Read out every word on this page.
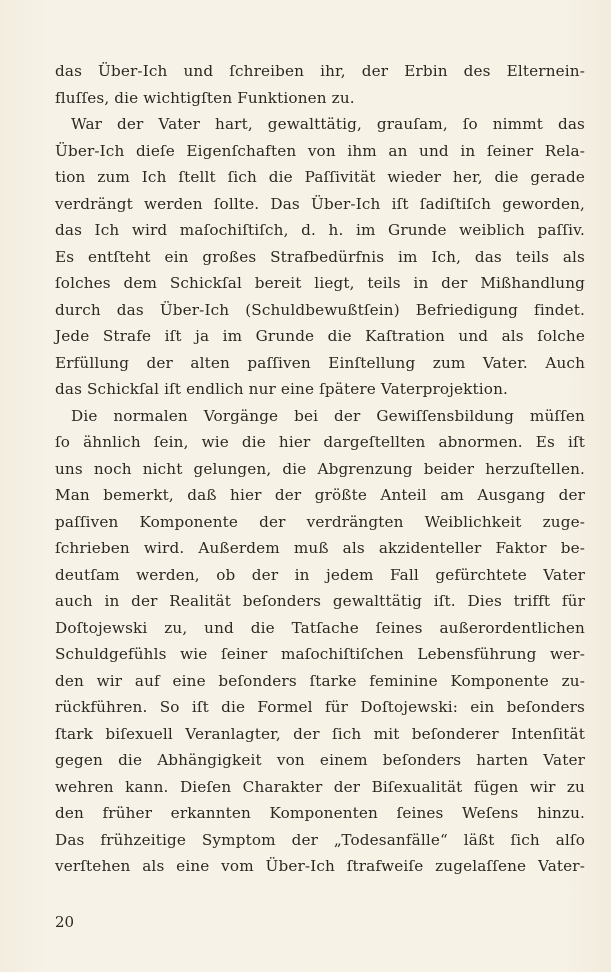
das Über-Ich und ſchreiben ihr, der Erbin des Elternein-
fluſſes, die wichtigſten Funktionen zu.
War der Vater hart, gewalttätig, grauſam, ſo nimmt das
Über-Ich dieſe Eigenſchaften von ihm an und in ſeiner Rela-
tion zum Ich ſtellt ſich die Paſſivität wieder her, die gerade
verdrängt werden ſollte. Das Über-Ich iſt ſadiſtiſch geworden,
das Ich wird maſochiſtiſch, d. h. im Grunde weiblich paſſiv.
Es entſteht ein großes Strafbedürfnis im Ich, das teils als
ſolches dem Schickſal bereit liegt, teils in der Mißhandlung
durch das Über-Ich (Schuldbewußtſein) Befriedigung findet.
Jede Strafe iſt ja im Grunde die Kaſtration und als ſolche
Erfüllung der alten paſſiven Einſtellung zum Vater. Auch
das Schickſal iſt endlich nur eine ſpätere Vaterprojektion.
Die normalen Vorgänge bei der Gewiſſensbildung müſſen
ſo ähnlich ſein, wie die hier dargeſtellten abnormen. Es iſt
uns noch nicht gelungen, die Abgrenzung beider herzuſtellen.
Man bemerkt, daß hier der größte Anteil am Ausgang der
paſſiven Komponente der verdrängten Weiblichkeit zuge-
ſchrieben wird. Außerdem muß als akzidenteller Faktor be-
deutſam werden, ob der in jedem Fall gefürchtete Vater
auch in der Realität beſonders gewalttätig iſt. Dies trifft für
Doſtojewski zu, und die Tatſache ſeines außerordentlichen
Schuldgefühls wie ſeiner maſochiſtiſchen Lebensführung wer-
den wir auf eine beſonders ſtarke feminine Komponente zu-
rückführen. So iſt die Formel für Doſtojewski: ein beſonders
ſtark biſexuell Veranlagter, der ſich mit beſonderer Intenſität
gegen die Abhängigkeit von einem beſonders harten Vater
wehren kann. Dieſen Charakter der Biſexualität fügen wir zu
den früher erkannten Komponenten ſeines Weſens hinzu.
Das frühzeitige Symptom der „Todesanfälle“ läßt ſich alſo
verſtehen als eine vom Über-Ich ſtrafweiſe zugelaſſene Vater-
20
